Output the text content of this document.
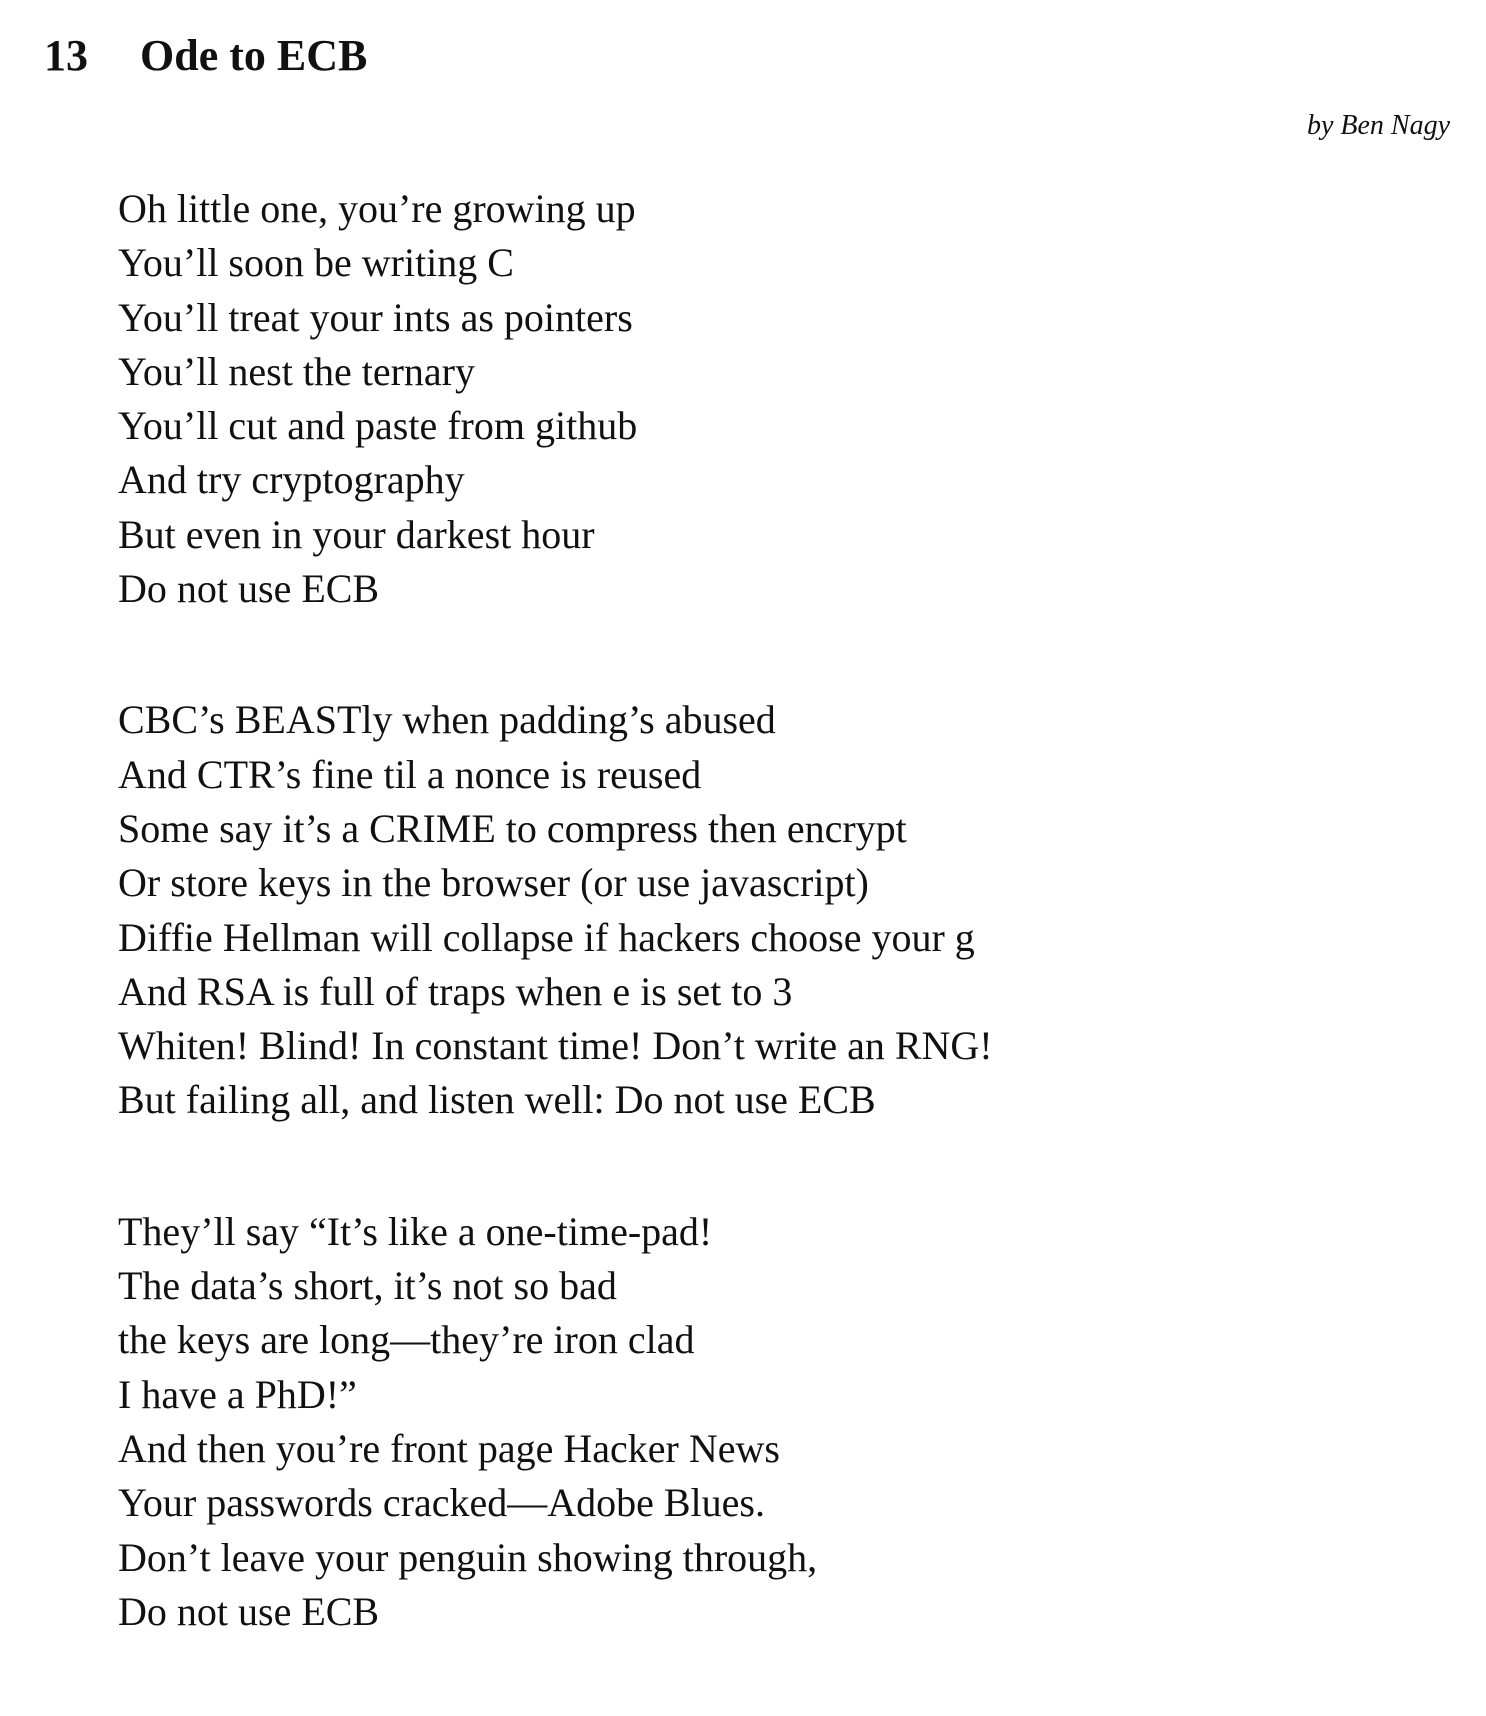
13 Ode to ECB
by Ben Nagy
Oh little one, you’re growing up
You’ll soon be writing C
You’ll treat your ints as pointers
You’ll nest the ternary
You’ll cut and paste from github
And try cryptography
But even in your darkest hour
Do not use ECB
CBC’s BEASTly when padding’s abused
And CTR’s fine til a nonce is reused
Some say it’s a CRIME to compress then encrypt
Or store keys in the browser (or use javascript)
Diffie Hellman will collapse if hackers choose your g
And RSA is full of traps when e is set to 3
Whiten! Blind! In constant time! Don’t write an RNG!
But failing all, and listen well: Do not use ECB
They’ll say “It’s like a one-time-pad!
The data’s short, it’s not so bad
the keys are long—they’re iron clad
I have a PhD!”
And then you’re front page Hacker News
Your passwords cracked—Adobe Blues.
Don’t leave your penguin showing through,
Do not use ECB
